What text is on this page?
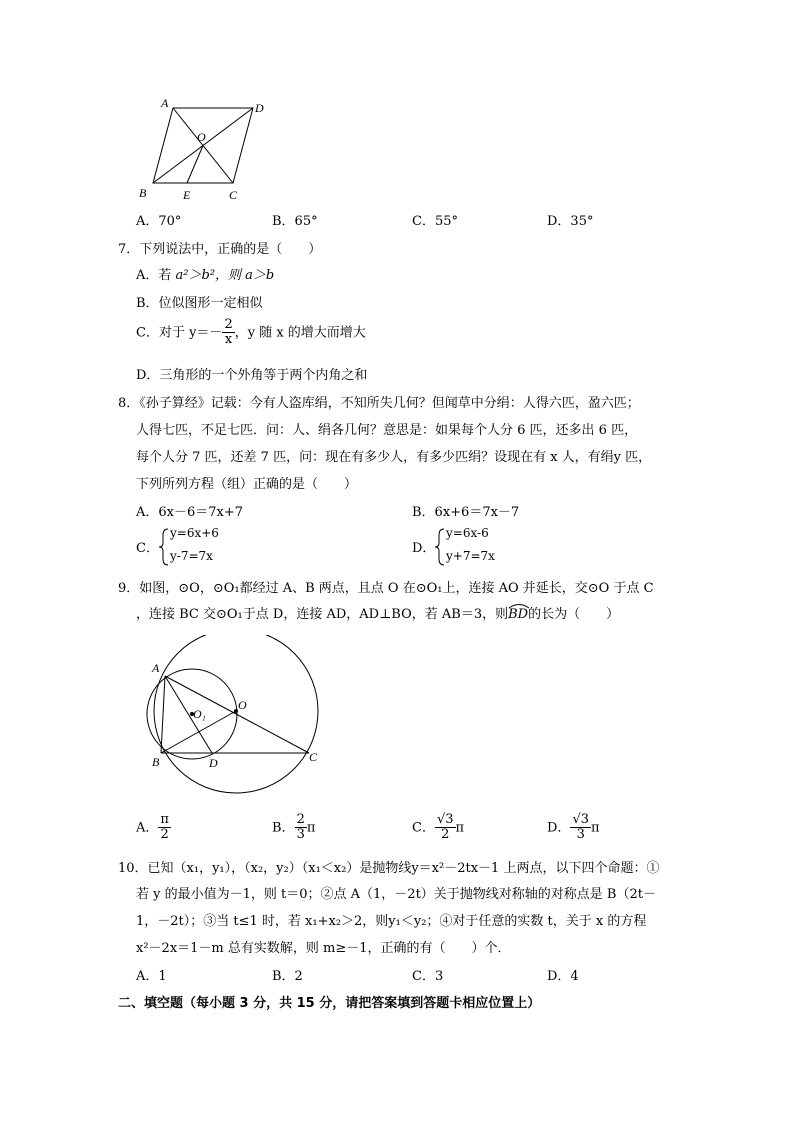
A	D
O
B	E	C
A．70°	B．65°	C．55°	D．35°
7．下列说法中，正确的是（　　）
A．若 a²＞b²，则 a＞b
B．位似图形一定相似
C．对于 $y=- \frac{2}{x}$ ，y 随 x 的增大而增大
D．三角形的一个外角等于两个内角之和
8．《孙子算经》记载：今有人盗库绢，不知所失几何？但闻草中分绢：人得六匹，盈六匹；
人得七匹，不足七匹．问：人、绢各几何？意思是：如果每个人分 6 匹，还多出 6 匹，
每个人分 7 匹，还差 7 匹，问：现在有多少人，有多少匹绢？设现在有 x 人，有绢y 匹，
下列所列方程（组）正确的是（　　）
A．6x－6＝7x+7	B．6x+6＝7x－7
C．
y=6x+6
y-7=7x	D．
y=6x-6
y+7=7x
9．如图，⊙O，⊙O₁都经过 A、B 两点，且点 O 在⊙O₁上，连接 AO 并延长，交⊙O 于点 C
，连接 BC 交⊙O₁于点 D，连接 AD，AD⊥BO，若 AB＝3，则
BD的长为（　　）
A
O₁
O
B	D	C
A． $\frac{\pi}{2}$	B． $\frac{2}{3}$ π	C． $\frac{√3}{2}$ π	D． $\frac{√3}{3}$ π
10．已知（x₁，y₁），（x₂，y₂）（x₁＜x₂）是抛物线y＝x²－2tx－1 上两点，以下四个命题：①
若 y 的最小值为－1，则 t＝0；②点 A（1，－2t）关于抛物线对称轴的对称点是 B（2t－
1，－2t）；③当 t≤1 时，若 x₁+x₂＞2，则y₁＜y₂；④对于任意的实数 t，关于 x 的方程
x²－2x＝1－m 总有实数解，则 m≥－1，正确的有（　　）个．
A．1	B．2	C．3	D．4
二、填空题（每小题 3 分，共 15 分，请把答案填到答题卡相应位置上）
